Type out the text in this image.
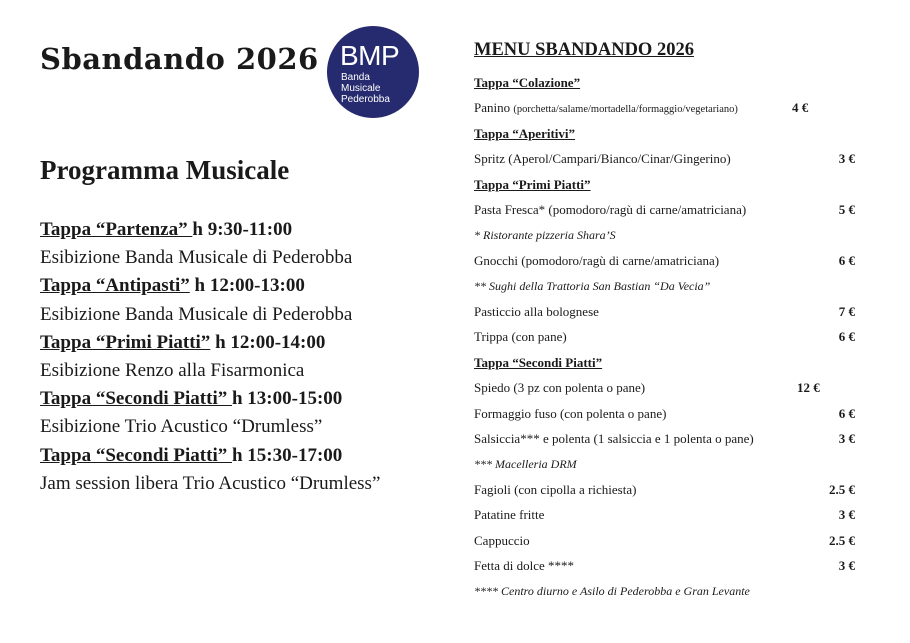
Sbandando 2026 BMP
Banda
Musicale
Pederobba
Programma Musicale
Tappa “Partenza” h 9:30-11:00
Esibizione Banda Musicale di Pederobba
Tappa “Antipasti” h 12:00-13:00
Esibizione Banda Musicale di Pederobba
Tappa “Primi Piatti” h 12:00-14:00
Esibizione Renzo alla Fisarmonica
Tappa “Secondi Piatti” h 13:00-15:00
Esibizione Trio Acustico “Drumless”
Tappa “Secondi Piatti” h 15:30-17:00
Jam session libera Trio Acustico “Drumless”
MENU SBANDANDO 2026
Tappa “Colazione”
Panino (porchetta/salame/mortadella/formaggio/vegetariano)	4 €
Tappa “Aperitivi”
Spritz (Aperol/Campari/Bianco/Cinar/Gingerino)	3 €
Tappa “Primi Piatti”
Pasta Fresca* (pomodoro/ragù di carne/amatriciana)	5 €
* Ristorante pizzeria Shara’S
Gnocchi (pomodoro/ragù di carne/amatriciana)	6 €
** Sughi della Trattoria San Bastian “Da Vecia”
Pasticcio alla bolognese	7 €
Trippa (con pane)	6 €
Tappa “Secondi Piatti”
Spiedo (3 pz con polenta o pane)	12 €
Formaggio fuso (con polenta o pane)	6 €
Salsiccia*** e polenta (1 salsiccia e 1 polenta o pane)	3 €
*** Macelleria DRM
Fagioli (con cipolla a richiesta)	2.5 €
Patatine fritte	3 €
Cappuccio	2.5 €
Fetta di dolce ****	3 €
**** Centro diurno e Asilo di Pederobba e Gran Levante
